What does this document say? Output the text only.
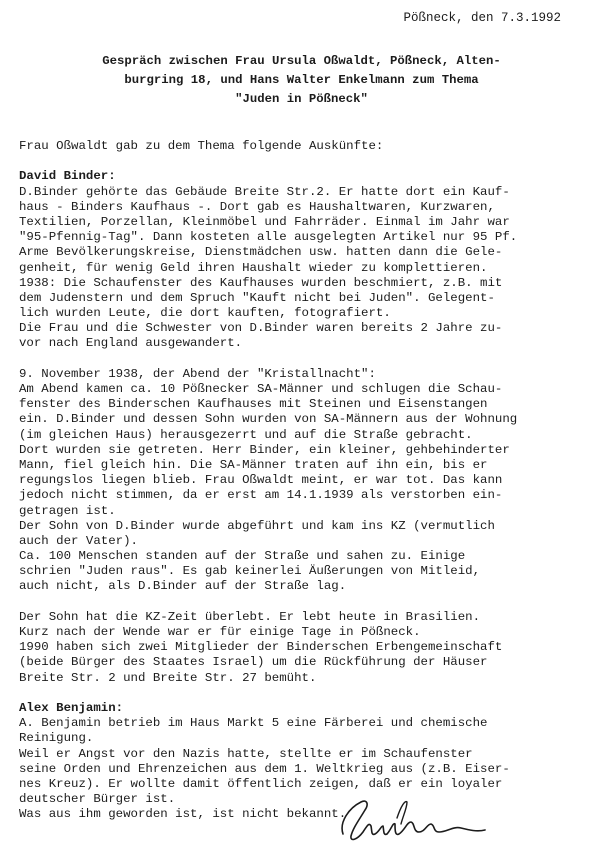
Pößneck, den 7.3.1992
Gespräch zwischen Frau Ursula Oßwaldt, Pößneck, Alten-
burgring 18, und Hans Walter Enkelmann zum Thema
"Juden in Pößneck"
Frau Oßwaldt gab zu dem Thema folgende Auskünfte:
David Binder:
D.Binder gehörte das Gebäude Breite Str.2. Er hatte dort ein Kauf-
haus - Binders Kaufhaus -. Dort gab es Haushaltwaren, Kurzwaren,
Textilien, Porzellan, Kleinmöbel und Fahrräder. Einmal im Jahr war
"95-Pfennig-Tag". Dann kosteten alle ausgelegten Artikel nur 95 Pf.
Arme Bevölkerungskreise, Dienstmädchen usw. hatten dann die Gele-
genheit, für wenig Geld ihren Haushalt wieder zu komplettieren.
1938: Die Schaufenster des Kaufhauses wurden beschmiert, z.B. mit
dem Judenstern und dem Spruch "Kauft nicht bei Juden". Gelegent-
lich wurden Leute, die dort kauften, fotografiert.
Die Frau und die Schwester von D.Binder waren bereits 2 Jahre zu-
vor nach England ausgewandert.
9. November 1938, der Abend der "Kristallnacht":
Am Abend kamen ca. 10 Pößnecker SA-Männer und schlugen die Schau-
fenster des Binderschen Kaufhauses mit Steinen und Eisenstangen
ein. D.Binder und dessen Sohn wurden von SA-Männern aus der Wohnung
(im gleichen Haus) herausgezerrt und auf die Straße gebracht.
Dort wurden sie getreten. Herr Binder, ein kleiner, gehbehinderter
Mann, fiel gleich hin. Die SA-Männer traten auf ihn ein, bis er
regungslos liegen blieb. Frau Oßwaldt meint, er war tot. Das kann
jedoch nicht stimmen, da er erst am 14.1.1939 als verstorben ein-
getragen ist.
Der Sohn von D.Binder wurde abgeführt und kam ins KZ (vermutlich
auch der Vater).
Ca. 100 Menschen standen auf der Straße und sahen zu. Einige
schrien "Juden raus". Es gab keinerlei Äußerungen von Mitleid,
auch nicht, als D.Binder auf der Straße lag.
Der Sohn hat die KZ-Zeit überlebt. Er lebt heute in Brasilien.
Kurz nach der Wende war er für einige Tage in Pößneck.
1990 haben sich zwei Mitglieder der Binderschen Erbengemeinschaft
(beide Bürger des Staates Israel) um die Rückführung der Häuser
Breite Str. 2 und Breite Str. 27 bemüht.
Alex Benjamin:
A. Benjamin betrieb im Haus Markt 5 eine Färberei und chemische
Reinigung.
Weil er Angst vor den Nazis hatte, stellte er im Schaufenster
seine Orden und Ehrenzeichen aus dem 1. Weltkrieg aus (z.B. Eiser-
nes Kreuz). Er wollte damit öffentlich zeigen, daß er ein loyaler
deutscher Bürger ist.
Was aus ihm geworden ist, ist nicht bekannt.
